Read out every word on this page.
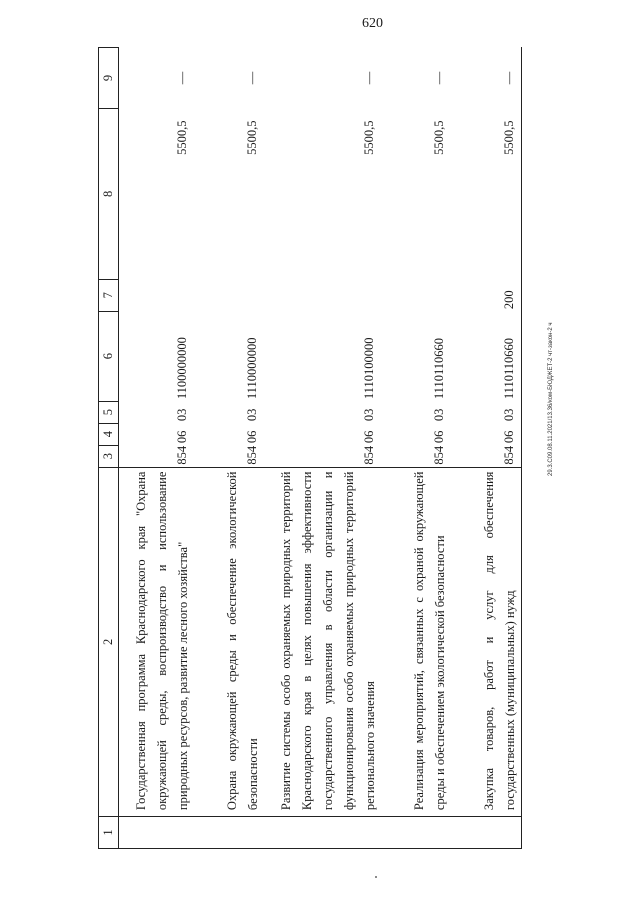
620
29.3.С09.08.11.2021/13.36/ком-БЮДЖЕТ-2 чт-закон-2 ч
1	2	3	4	5	6	7	8	9
	Государственная программа Краснодарского края "Охрана окружающей среды, воспроизводство и использование природных ресурсов, развитие лесного хозяйства"	854	06	03	1100000000		5500,5	—
	Охрана окружающей среды и обеспечение экологической безопасности	854	06	03	1110000000		5500,5	—
	Развитие системы особо охраняемых природных территорий Краснодарского края в целях повышения эффективности государственного управления в области организации и функционирования особо охраняемых природных территорий регионального значения	854	06	03	1110100000		5500,5	—
	Реализация мероприятий, связанных с охраной окружающей среды и обеспечением экологической безопасности	854	06	03	1110110660		5500,5	—
	Закупка товаров, работ и услуг для обеспечения государственных (муниципальных) нужд	854	06	03	1110110660	200	5500,5	—
